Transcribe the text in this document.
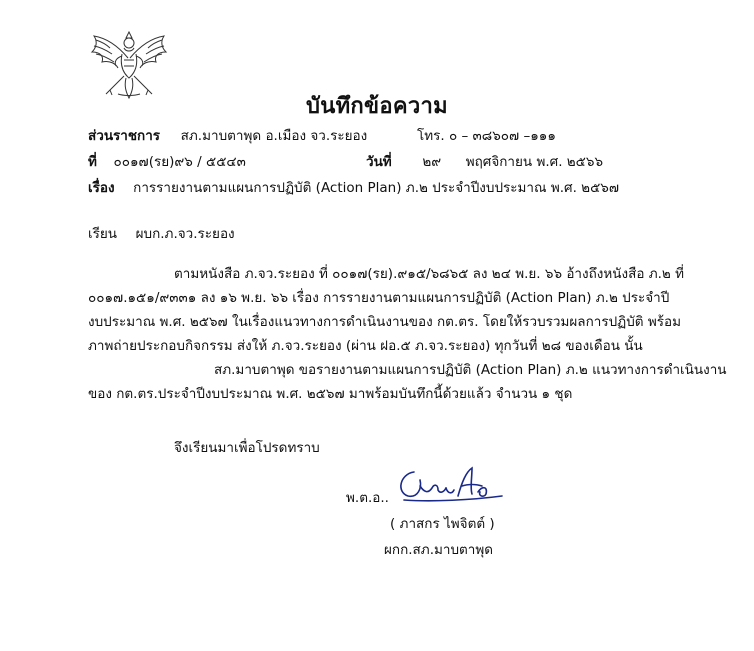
บันทึกข้อความ
ส่วนราชการ สภ.มาบตาพุด อ.เมือง จว.ระยอง	โทร. ๐ – ๓๘๖๐๗ –๑๑๑
ที่ ๐๐๑๗(รย)๙๖ / ๕๕๔๓	วันที่ ๒๙ พฤศจิกายน พ.ศ. ๒๕๖๖
เรื่อง การรายงานตามแผนการปฏิบัติ (Action Plan) ภ.๒ ประจำปีงบประมาณ พ.ศ. ๒๕๖๗
เรียน ผบก.ภ.จว.ระยอง
ตามหนังสือ ภ.จว.ระยอง ที่ ๐๐๑๗(รย).๙๑๕/๖๘๖๕ ลง ๒๔ พ.ย. ๖๖ อ้างถึงหนังสือ ภ.๒ ที่
๐๐๑๗.๑๕๑/๙๓๓๑ ลง ๑๖ พ.ย. ๖๖ เรื่อง การรายงานตามแผนการปฏิบัติ (Action Plan) ภ.๒ ประจำปี
งบประมาณ พ.ศ. ๒๕๖๗ ในเรื่องแนวทางการดำเนินงานของ กต.ตร. โดยให้รวบรวมผลการปฏิบัติ พร้อม
ภาพถ่ายประกอบกิจกรรม ส่งให้ ภ.จว.ระยอง (ผ่าน ฝอ.๕ ภ.จว.ระยอง) ทุกวันที่ ๒๘ ของเดือน นั้น
สภ.มาบตาพุด ขอรายงานตามแผนการปฏิบัติ (Action Plan) ภ.๒ แนวทางการดำเนินงาน
ของ กต.ตร.ประจำปีงบประมาณ พ.ศ. ๒๕๖๗ มาพร้อมบันทึกนี้ด้วยแล้ว จำนวน ๑ ชุด
จึงเรียนมาเพื่อโปรดทราบ
พ.ต.อ..
( ภาสกร ไพจิตต์ )
ผกก.สภ.มาบตาพุด
